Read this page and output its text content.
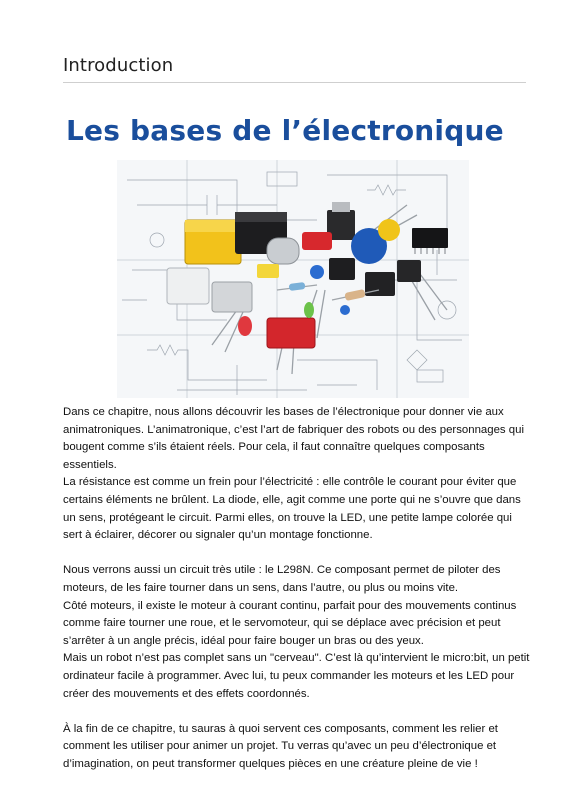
Introduction
Les bases de l’électronique

Dans ce chapitre, nous allons découvrir les bases de l’électronique pour donner vie aux animatroniques. L’animatronique, c’est l’art de fabriquer des robots ou des personnages qui bougent comme s’ils étaient réels. Pour cela, il faut connaître quelques composants essentiels.

La résistance est comme un frein pour l’électricité : elle contrôle le courant pour éviter que certains éléments ne brûlent. La diode, elle, agit comme une porte qui ne s’ouvre que dans un sens, protégeant le circuit. Parmi elles, on trouve la LED, une petite lampe colorée qui sert à éclairer, décorer ou signaler qu’un montage fonctionne.

Nous verrons aussi un circuit très utile : le L298N. Ce composant permet de piloter des moteurs, de les faire tourner dans un sens, dans l’autre, ou plus ou moins vite.

Côté moteurs, il existe le moteur à courant continu, parfait pour des mouvements continus comme faire tourner une roue, et le servomoteur, qui se déplace avec précision et peut s’arrêter à un angle précis, idéal pour faire bouger un bras ou des yeux.

Mais un robot n’est pas complet sans un "cerveau". C’est là qu’intervient le micro:bit, un petit ordinateur facile à programmer. Avec lui, tu peux commander les moteurs et les LED pour créer des mouvements et des effets coordonnés.

À la fin de ce chapitre, tu sauras à quoi servent ces composants, comment les relier et comment les utiliser pour animer un projet. Tu verras qu’avec un peu d’électronique et d’imagination, on peut transformer quelques pièces en une créature pleine de vie !
